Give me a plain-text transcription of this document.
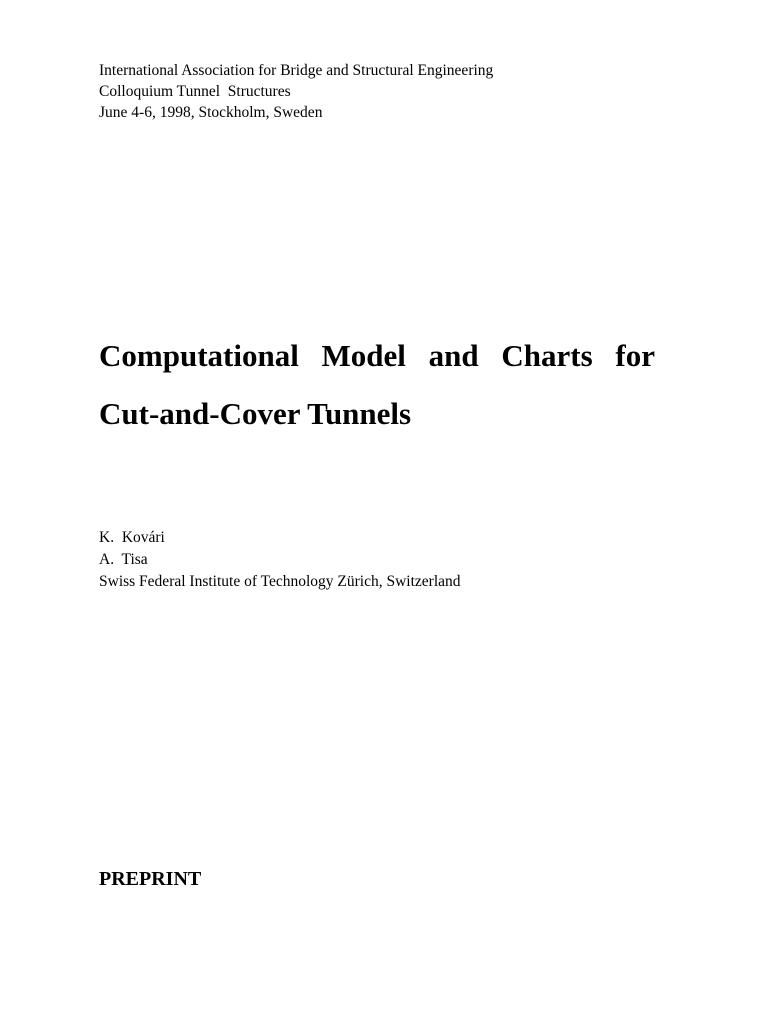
International Association for Bridge and Structural Engineering
Colloquium Tunnel  Structures
June 4-6, 1998, Stockholm, Sweden
Computational Model and Charts for
Cut-and-Cover Tunnels
K.  Kovári
A.  Tisa
Swiss Federal Institute of Technology Zürich, Switzerland
PREPRINT
